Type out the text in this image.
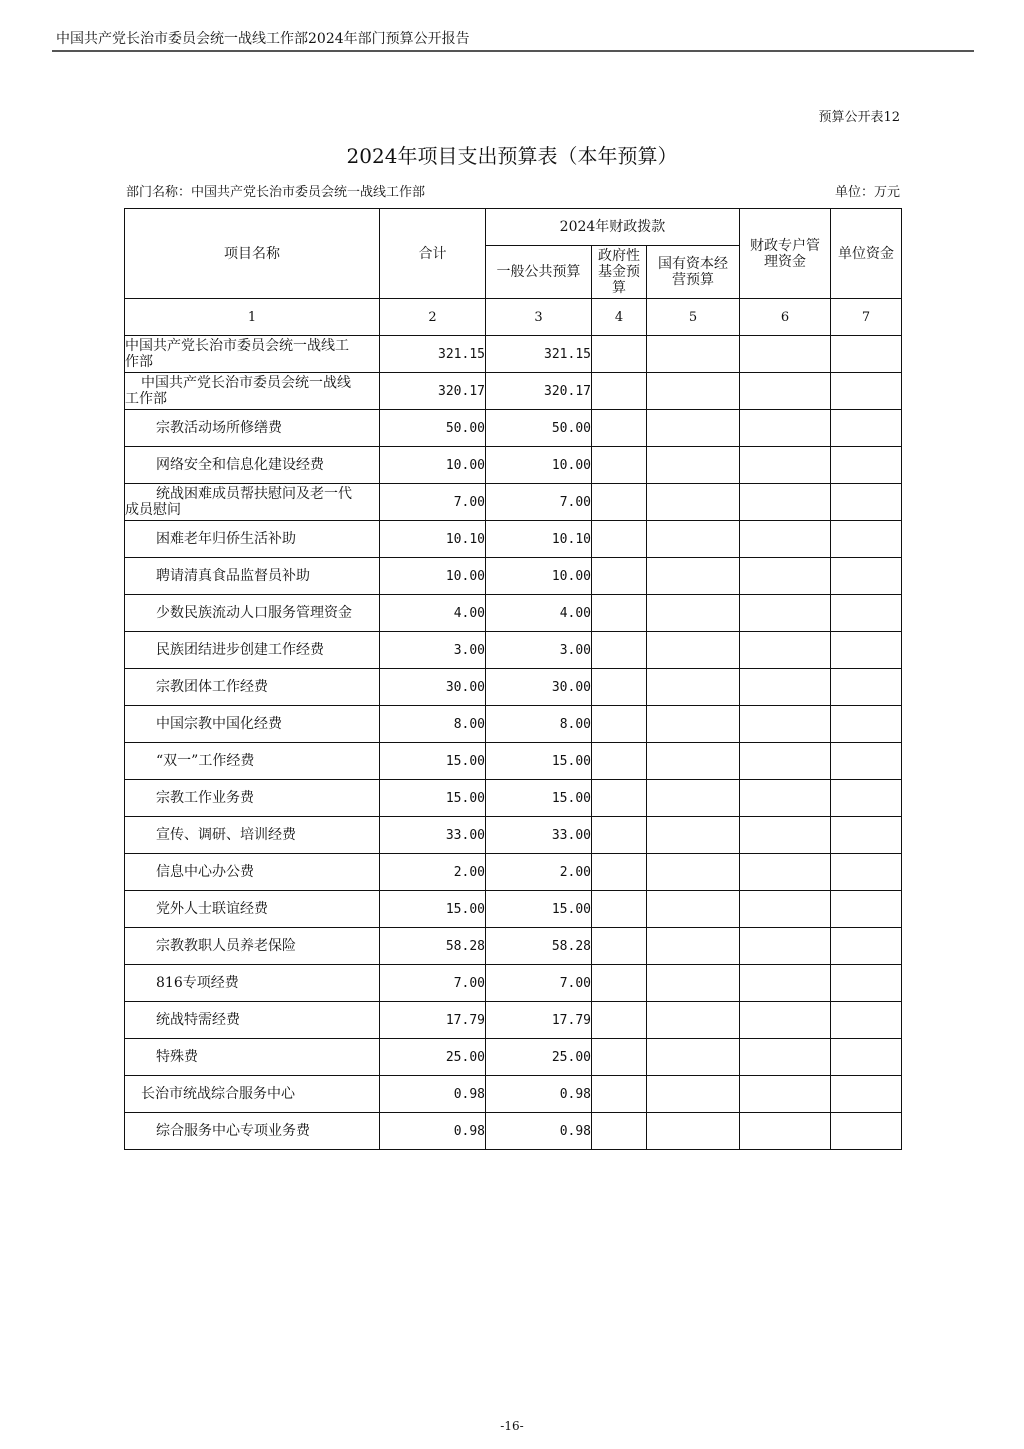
中国共产党长治市委员会统一战线工作部2024年部门预算公开报告
预算公开表12
2024年项目支出预算表（本年预算）
部门名称：中国共产党长治市委员会统一战线工作部	单位：万元
项目名称	合计	2024年财政拨款			财政专户管理资金	单位资金
		一般公共预算	政府性基金预算	国有资本经营预算		
1	2	3	4	5	6	7

中国共产党长治市委员会统一战线工
作部	321.15	321.15				

中国共产党长治市委员会统一战线
工作部	320.17	320.17				

宗教活动场所修缮费	50.00	50.00				

网络安全和信息化建设经费	10.00	10.00				

统战困难成员帮扶慰问及老一代
成员慰问	7.00	7.00				

困难老年归侨生活补助	10.10	10.10				

聘请清真食品监督员补助	10.00	10.00				

少数民族流动人口服务管理资金	4.00	4.00				

民族团结进步创建工作经费	3.00	3.00				

宗教团体工作经费	30.00	30.00				

中国宗教中国化经费	8.00	8.00				

“双一”工作经费	15.00	15.00				

宗教工作业务费	15.00	15.00				

宣传、调研、培训经费	33.00	33.00				

信息中心办公费	2.00	2.00				

党外人士联谊经费	15.00	15.00				

宗教教职人员养老保险	58.28	58.28				

816专项经费	7.00	7.00				

统战特需经费	17.79	17.79				

特殊费	25.00	25.00				

长治市统战综合服务中心	0.98	0.98				

综合服务中心专项业务费	0.98	0.98				
-16-
